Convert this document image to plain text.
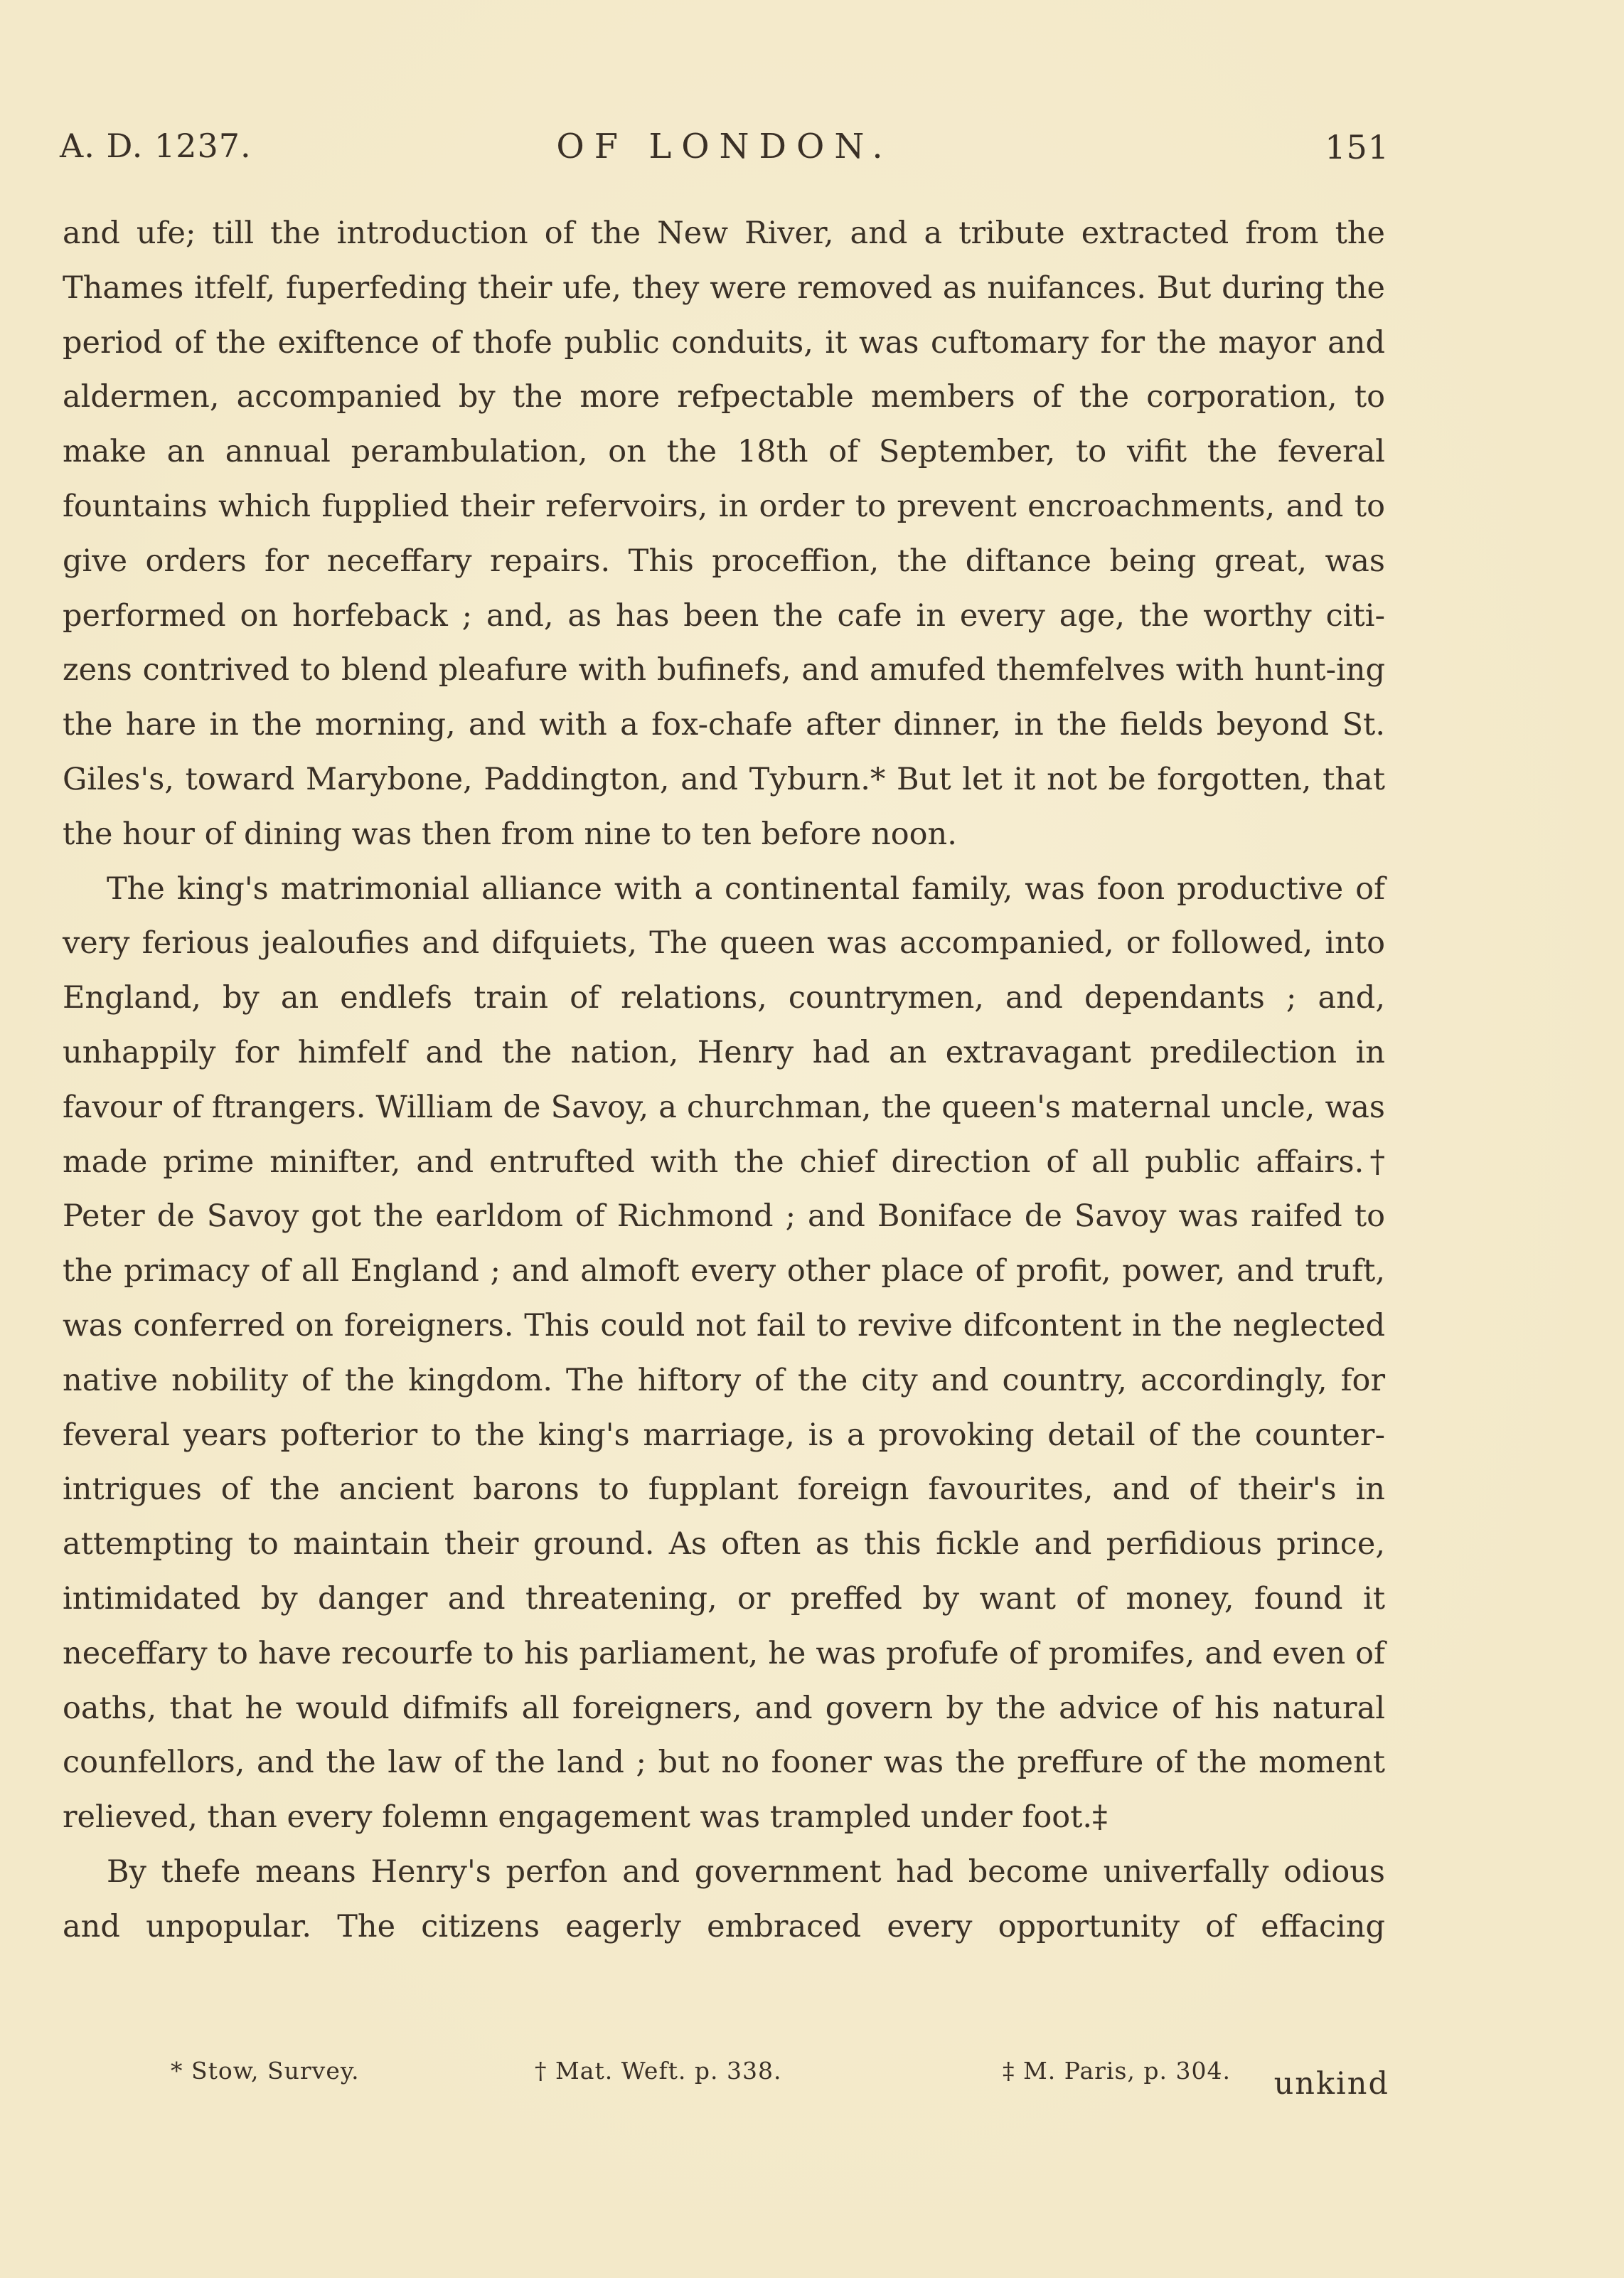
A. D. 1237.	OF LONDON.	151

and ufe; till the introduction of the New River, and a tribute extracted from the Thames itfelf, fuperfeding their ufe, they were removed as nuifances. But during the period of the exiftence of thofe public conduits, it was cuftomary for the mayor and aldermen, accompanied by the more refpectable members of the corporation, to make an annual perambulation, on the 18th of September, to vifit the feveral fountains which fupplied their refervoirs, in order to prevent encroachments, and to give orders for neceffary repairs. This proceffion, the diftance being great, was performed on horfeback ; and, as has been the cafe in every age, the worthy citi-zens contrived to blend pleafure with bufinefs, and amufed themfelves with hunt-ing the hare in the morning, and with a fox-chafe after dinner, in the fields beyond St. Giles's, toward Marybone, Paddington, and Tyburn.* But let it not be forgotten, that the hour of dining was then from nine to ten before noon.

The king's matrimonial alliance with a continental family, was foon productive of very ferious jealoufies and difquiets, The queen was accompanied, or followed, into England, by an endlefs train of relations, countrymen, and dependants ; and, unhappily for himfelf and the nation, Henry had an extravagant predilection in favour of ftrangers. William de Savoy, a churchman, the queen's maternal uncle, was made prime minifter, and entrufted with the chief direction of all public affairs.† Peter de Savoy got the earldom of Richmond ; and Boniface de Savoy was raifed to the primacy of all England ; and almoft every other place of profit, power, and truft, was conferred on foreigners. This could not fail to revive difcontent in the neglected native nobility of the kingdom. The hiftory of the city and country, accordingly, for feveral years pofterior to the king's marriage, is a provoking detail of the counter-intrigues of the ancient barons to fupplant foreign favourites, and of their's in attempting to maintain their ground. As often as this fickle and perfidious prince, intimidated by danger and threatening, or preffed by want of money, found it neceffary to have recourfe to his parliament, he was profufe of promifes, and even of oaths, that he would difmifs all foreigners, and govern by the advice of his natural counfellors, and the law of the land ; but no fooner was the preffure of the moment relieved, than every folemn engagement was trampled under foot.‡

By thefe means Henry's perfon and government had become univerfally odious and unpopular. The citizens eagerly embraced every opportunity of effacing

* Stow, Survey.	† Mat. Weft. p. 338.	‡ M. Paris, p. 304. unkind
